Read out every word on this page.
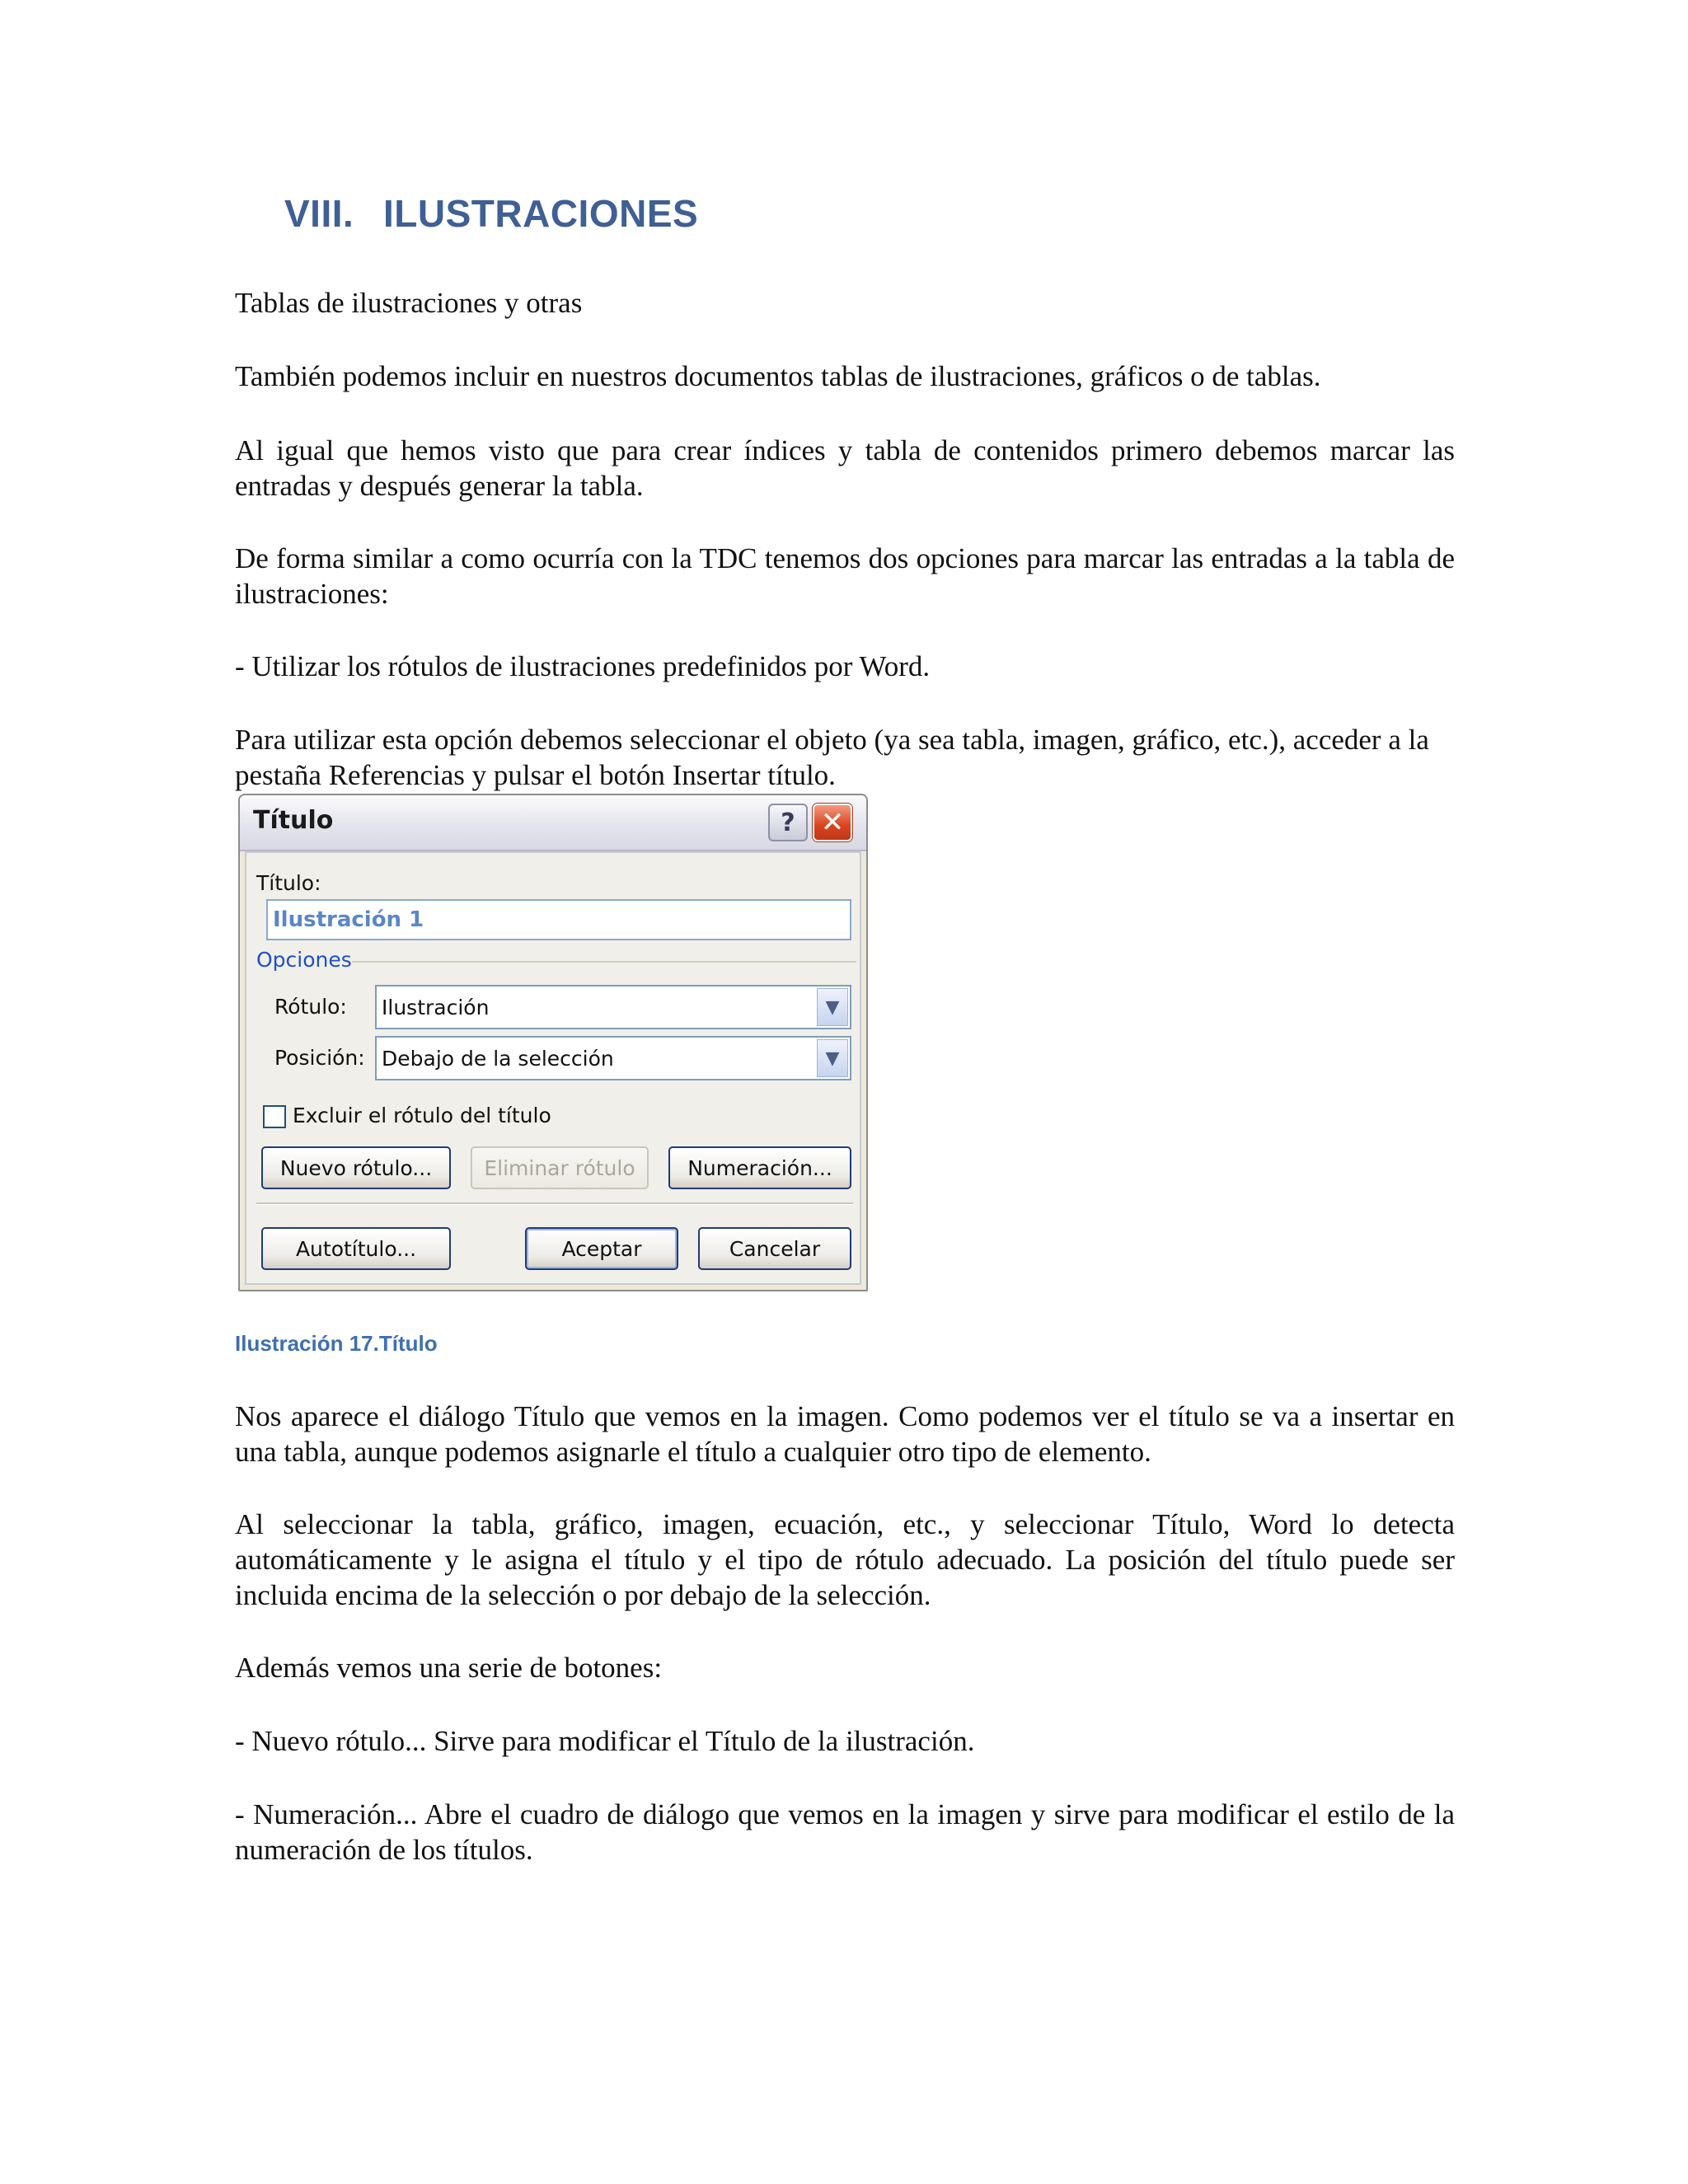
VIII. ILUSTRACIONES

Tablas de ilustraciones y otras

También podemos incluir en nuestros documentos tablas de ilustraciones, gráficos o de tablas.

Al igual que hemos visto que para crear índices y tabla de contenidos primero debemos marcar las entradas y después generar la tabla.

De forma similar a como ocurría con la TDC tenemos dos opciones para marcar las entradas a la tabla de ilustraciones:

- Utilizar los rótulos de ilustraciones predefinidos por Word.

Para utilizar esta opción debemos seleccionar el objeto (ya sea tabla, imagen, gráfico, etc.), acceder a la pestaña Referencias y pulsar el botón Insertar título.

Título	? ✕
Título:
Ilustración 1
Opciones
Rótulo: Ilustración	▼
Posición: Debajo de la selección	▼
Excluir el rótulo del título
Nuevo rótulo...	Eliminar rótulo	Numeración...
Autotítulo...	Aceptar	Cancelar
Ilustración 17.Título

Nos aparece el diálogo Título que vemos en la imagen. Como podemos ver el título se va a insertar en una tabla, aunque podemos asignarle el título a cualquier otro tipo de elemento.

Al seleccionar la tabla, gráfico, imagen, ecuación, etc., y seleccionar Título, Word lo detecta automáticamente y le asigna el título y el tipo de rótulo adecuado. La posición del título puede ser incluida encima de la selección o por debajo de la selección.

Además vemos una serie de botones:

- Nuevo rótulo... Sirve para modificar el Título de la ilustración.

- Numeración... Abre el cuadro de diálogo que vemos en la imagen y sirve para modificar el estilo de la numeración de los títulos.
